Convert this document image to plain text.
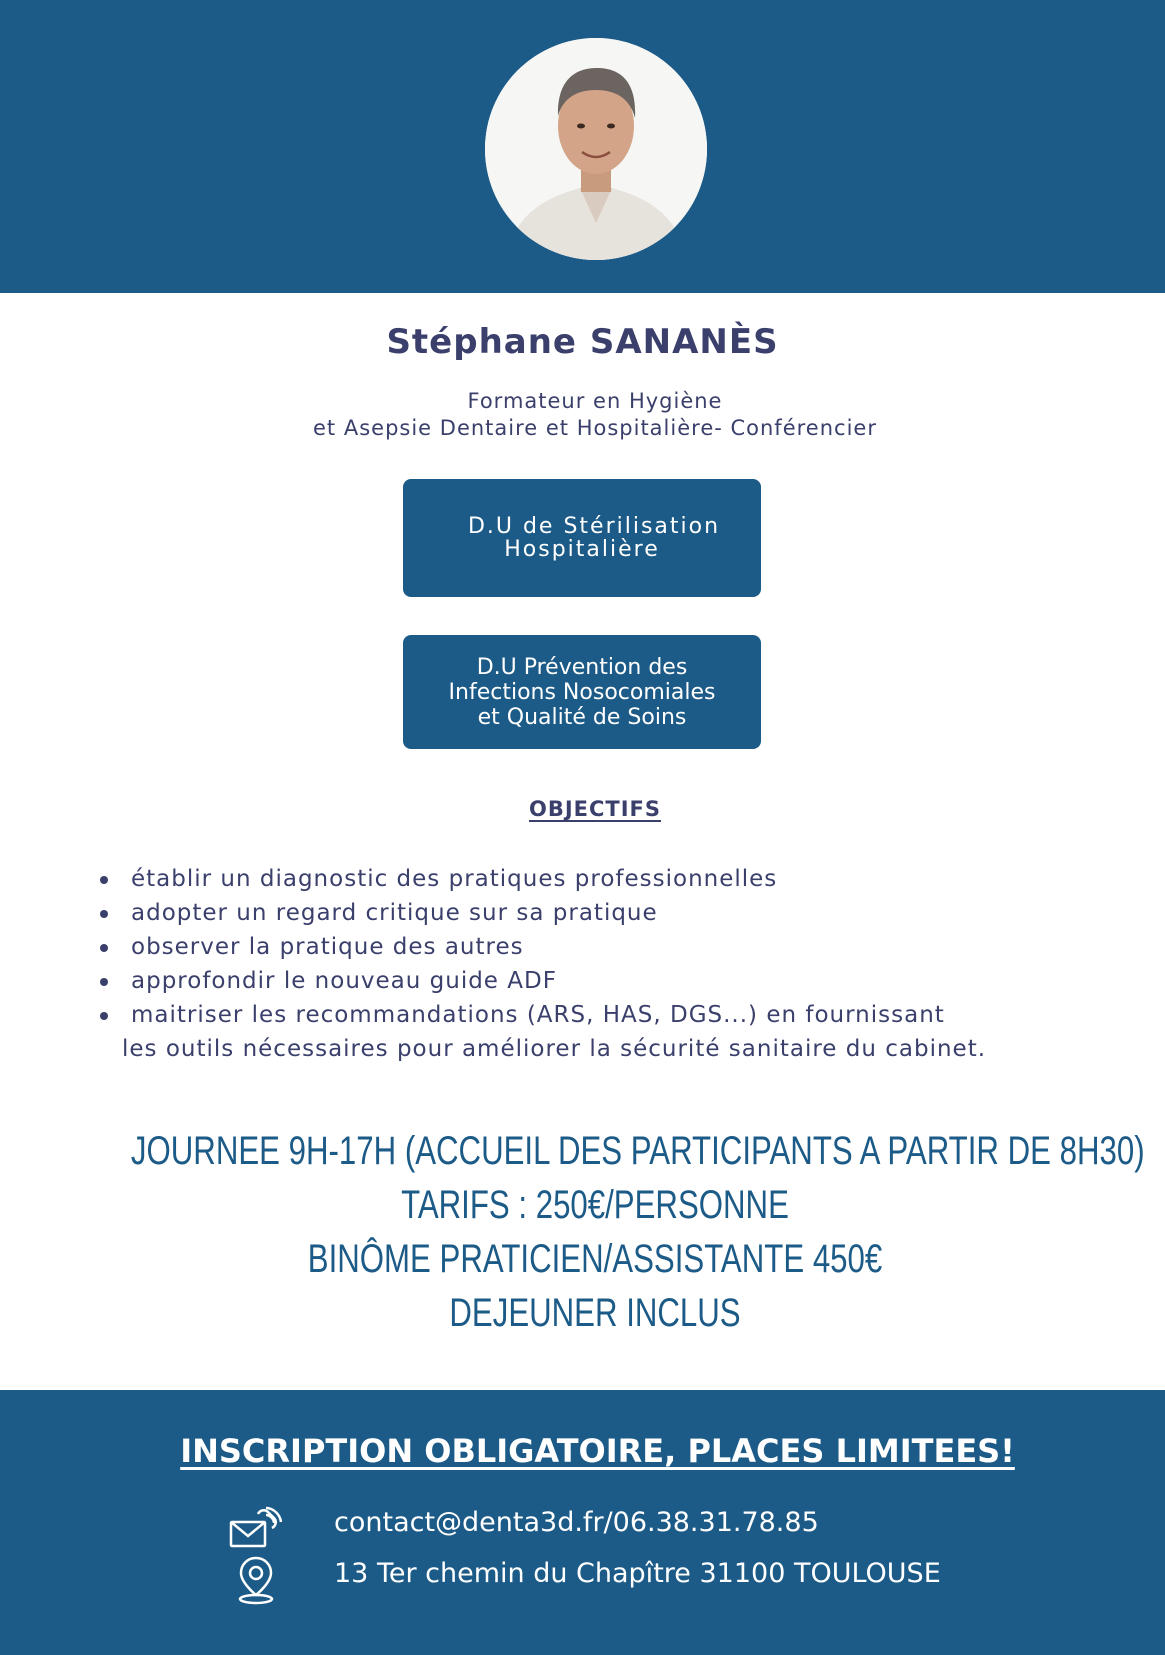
Stéphane SANANÈS
Formateur en Hygiène
et Asepsie Dentaire et Hospitalière- Conférencier
D.U de Stérilisation
Hospitalière
D.U Prévention des
Infections Nosocomiales
et Qualité de Soins
OBJECTIFS
établir un diagnostic des pratiques professionnelles
adopter un regard critique sur sa pratique
observer la pratique des autres
approfondir le nouveau guide ADF
maitriser les recommandations (ARS, HAS, DGS...) en fournissant
les outils nécessaires pour améliorer la sécurité sanitaire du cabinet.
JOURNEE 9H-17H (ACCUEIL DES PARTICIPANTS A PARTIR DE 8H30)
TARIFS : 250€/PERSONNE
BINÔME PRATICIEN/ASSISTANTE 450€
DEJEUNER INCLUS
INSCRIPTION OBLIGATOIRE, PLACES LIMITEES!
contact@denta3d.fr/06.38.31.78.85
13 Ter chemin du Chapître 31100 TOULOUSE
